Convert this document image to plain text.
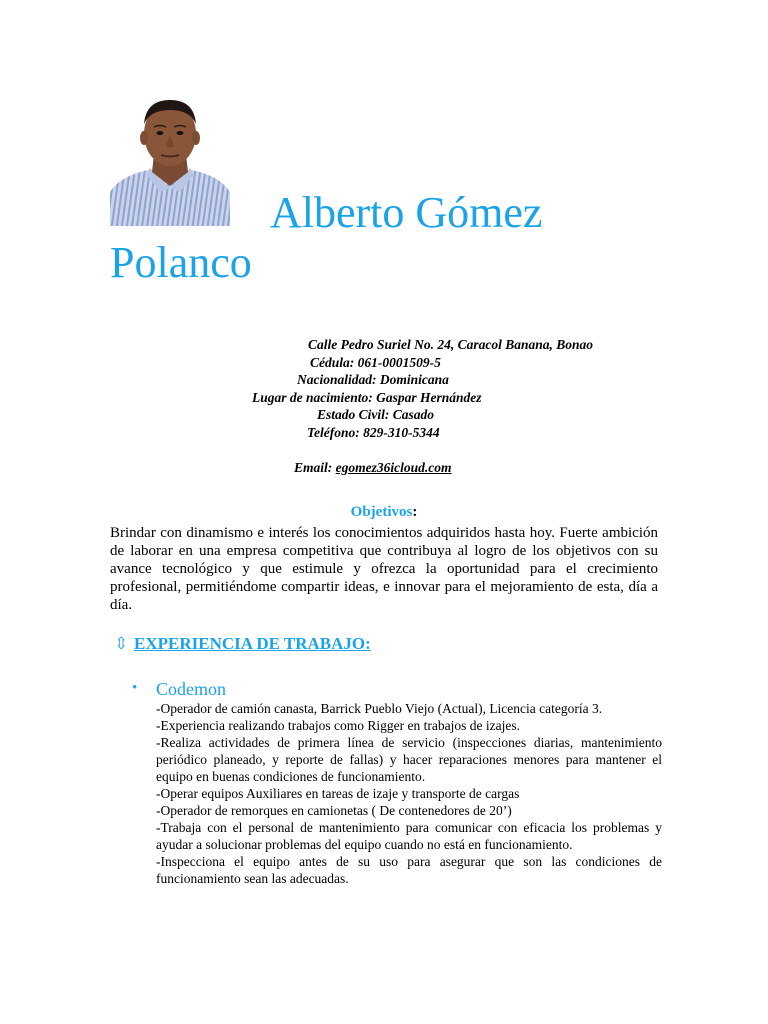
Alberto Gómez
Polanco
Calle Pedro Suriel No. 24, Caracol Banana, Bonao
Cédula: 061-0001509-5
Nacionalidad: Dominicana
Lugar de nacimiento: Gaspar Hernández
Estado Civil: Casado
Teléfono: 829-310-5344
Email: egomez36icloud.com
Objetivos:
Brindar con dinamismo e interés los conocimientos adquiridos hasta hoy. Fuerte ambición de laborar en una empresa competitiva que contribuya al logro de los objetivos con su avance tecnológico y que estimule y ofrezca la oportunidad para el crecimiento profesional, permitiéndome compartir ideas, e innovar para el mejoramiento de esta, día a día.
⇳ EXPERIENCIA DE TRABAJO:
• Codemon

-Operador de camión canasta, Barrick Pueblo Viejo (Actual), Licencia categoría 3.

-Experiencia realizando trabajos como Rigger en trabajos de izajes.

-Realiza actividades de primera línea de servicio (inspecciones diarias, mantenimiento periódico planeado, y reporte de fallas) y hacer reparaciones menores para mantener el equipo en buenas condiciones de funcionamiento.

-Operar equipos Auxiliares en tareas de izaje y transporte de cargas

-Operador de remorques en camionetas ( De contenedores de 20’)

-Trabaja con el personal de mantenimiento para comunicar con eficacia los problemas y ayudar a solucionar problemas del equipo cuando no está en funcionamiento.

-Inspecciona el equipo antes de su uso para asegurar que son las condiciones de funcionamiento sean las adecuadas.
